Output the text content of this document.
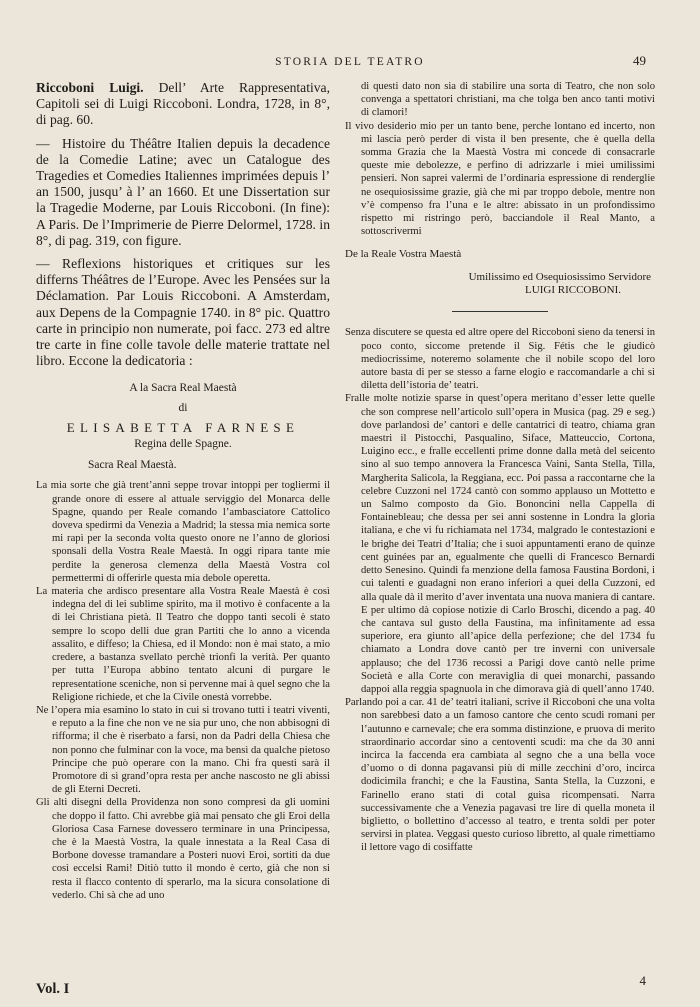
STORIA DEL TEATRO	49

Riccoboni Luigi. Dell’ Arte Rappresentativa, Capitoli sei di Luigi Riccoboni. Londra, 1728, in 8°, di pag. 60.

— Histoire du Théâtre Italien depuis la decadence de la Comedie Latine; avec un Catalogue des Tragedies et Comedies Italiennes imprimées depuis l’ an 1500, jusqu’ à l’ an 1660. Et une Dissertation sur la Tragedie Moderne, par Louis Riccoboni. (In fine): A Paris. De l’Imprimerie de Pierre Delormel, 1728. in 8°, di pag. 319, con figure.

— Reflexions historiques et critiques sur les differns Théâtres de l’Europe. Avec les Pensées sur la Déclamation. Par Louis Riccoboni. A Amsterdam, aux Depens de la Compagnie 1740. in 8° pic. Quattro carte in principio non numerate, poi facc. 273 ed altre tre carte in fine colle tavole delle materie trattate nel libro. Eccone la dedicatoria :

A la Sacra Real Maestà
di
ELISABETTA FARNESE
Regina delle Spagne.
Sacra Real Maestà.

La mia sorte che già trent’anni seppe trovar intoppi per togliermi il grande onore di essere al attuale serviggio del Monarca delle Spagne, quando per Reale comando l’ambasciatore Cattolico doveva spedirmi da Venezia a Madrid; la stessa mia nemica sorte mi rapì per la seconda volta questo onore ne l’anno de gloriosi sponsali della Vostra Reale Maestà. In oggi ripara tante mie perdite la generosa clemenza della Maestà Vostra col permettermi di offerirle questa mia debole operetta.

La materia che ardisco presentare alla Vostra Reale Maestà è così indegna del di lei sublime spirito, ma il motivo è confacente a la di lei Christiana pietà. Il Teatro che doppo tanti secoli è stato sempre lo scopo delli due gran Partiti che lo anno a vicenda assalito, e diffeso; la Chiesa, ed il Mondo: non è mai stato, a mio credere, a bastanza svellato perchè trionfi la verità. Per quanto per tutta l’Europa abbino tentato alcuni di purgare le representatione sceniche, non si pervenne mai à quel segno che la Religione richiede, et che la Civile onestà vorrebbe.

Ne l’opera mia esamino lo stato in cui si trovano tutti i teatri viventi, e reputo a la fine che non ve ne sia pur uno, che non abbisogni di rifforma; il che è riserbato a farsi, non da Padri della Chiesa che non ponno che fulminar con la voce, ma bensì da qualche pietoso Principe che può operare con la mano. Chi fra questi sarà il Promotore di sì grand’opra resta per anche nascosto ne gli abissi de gli Eterni Decreti.

Gli alti disegni della Providenza non sono compresi da gli uomini che doppo il fatto. Chi avrebbe già mai pensato che gli Eroi della Gloriosa Casa Farnese dovessero terminare in una Principessa, che è la Maestà Vostra, la quale innestata a la Real Casa di Borbone dovesse tramandare a Posteri nuovi Eroi, sortiti da due così eccelsi Rami! Ditiò tutto il mondo è certo, già che non si resta il flacco contento di sperarlo, ma la sicura consolatione di vederlo. Chi sà che ad uno

di questi dato non sia di stabilire una sorta di Teatro, che non solo convenga a spettatori christiani, ma che tolga ben anco tanti motivi di clamori!

Il vivo desiderio mio per un tanto bene, perche lontano ed incerto, non mi lascia però perder di vista il ben presente, che è quella della somma Grazia che la Maestà Vostra mi concede di consacrarle queste mie debolezze, e perfino di adrizzarle i miei umilissimi pensieri. Non saprei valermi de l’ordinaria espressione di renderglie ne osequiosissime grazie, già che mi par troppo debole, mentre non v’è compenso fra l’una e le altre: abissato in un profondissimo rispetto mi ristringo però, bacciandole il Real Manto, a sottoscrivermi

De la Reale Vostra Maestà
Umilissimo ed Osequiosissimo Servidore
LUIGI RICCOBONI.

Senza discutere se questa ed altre opere del Riccoboni sieno da tenersi in poco conto, siccome pretende il Sig. Fétis che le giudicò mediocrissime, noteremo solamente che il nobile scopo del loro autore basta di per se stesso a farne elogio e raccomandarle a chi si diletta dell’istoria de’ teatri.

Fralle molte notizie sparse in quest’opera meritano d’esser lette quelle che son comprese nell’articolo sull’opera in Musica (pag. 29 e seg.) dove parlandosi de’ cantori e delle cantatrici di teatro, chiama gran maestri il Pistocchi, Pasqualino, Siface, Matteuccio, Cortona, Luigino ecc., e fralle eccellenti prime donne dalla metà del seicento sino al suo tempo annovera la Francesca Vaini, Santa Stella, Tilla, Margherita Salicola, la Reggiana, ecc. Poi passa a raccontarne che la celebre Cuzzoni nel 1724 cantò con sommo applauso un Mottetto e un Salmo composto da Gio. Bononcini nella Cappella di Fontainebleau; che dessa per sei anni sostenne in Londra la gloria italiana, e che vi fu richiamata nel 1734, malgrado le contestazioni e le brighe dei Teatri d’Italia; che i suoi appuntamenti erano de quinze cent guinées par an, egualmente che quelli di Francesco Bernardi detto Senesino. Quindi fa menzione della famosa Faustina Bordoni, i cui talenti e guadagni non erano inferiori a quei della Cuzzoni, ed alla quale dà il merito d’aver inventata una nuova maniera di cantare. E per ultimo dà copiose notizie di Carlo Broschi, dicendo a pag. 40 che cantava sul gusto della Faustina, ma infinitamente ad essa superiore, era giunto all’apice della perfezione; che del 1734 fu chiamato a Londra dove cantò per tre inverni con universale applauso; che del 1736 recossi a Parigi dove cantò nelle prime Società e alla Corte con meraviglia di quei monarchi, passando dappoi alla reggia spagnuola in che dimorava già di quell’anno 1740.

Parlando poi a car. 41 de’ teatri italiani, scrive il Riccoboni che una volta non sarebbesi dato a un famoso cantore che cento scudi romani per l’autunno e carnevale; che era somma distinzione, e pruova di merito straordinario accordar sino a centoventi scudi: ma che da 30 anni incirca la faccenda era cambiata al segno che a una bella voce d’uomo o di donna pagavansi più di mille zecchini d’oro, incirca dodicimila franchi; e che la Faustina, Santa Stella, la Cuzzoni, e Farinello erano stati di cotal guisa ricompensati. Narra successivamente che a Venezia pagavasi tre lire di quella moneta il biglietto, o bollettino d’accesso al teatro, e trenta soldi per poter servirsi in platea. Veggasi questo curioso libretto, al quale rimettiamo il lettore vago di cosiffatte

Vol. I
4
